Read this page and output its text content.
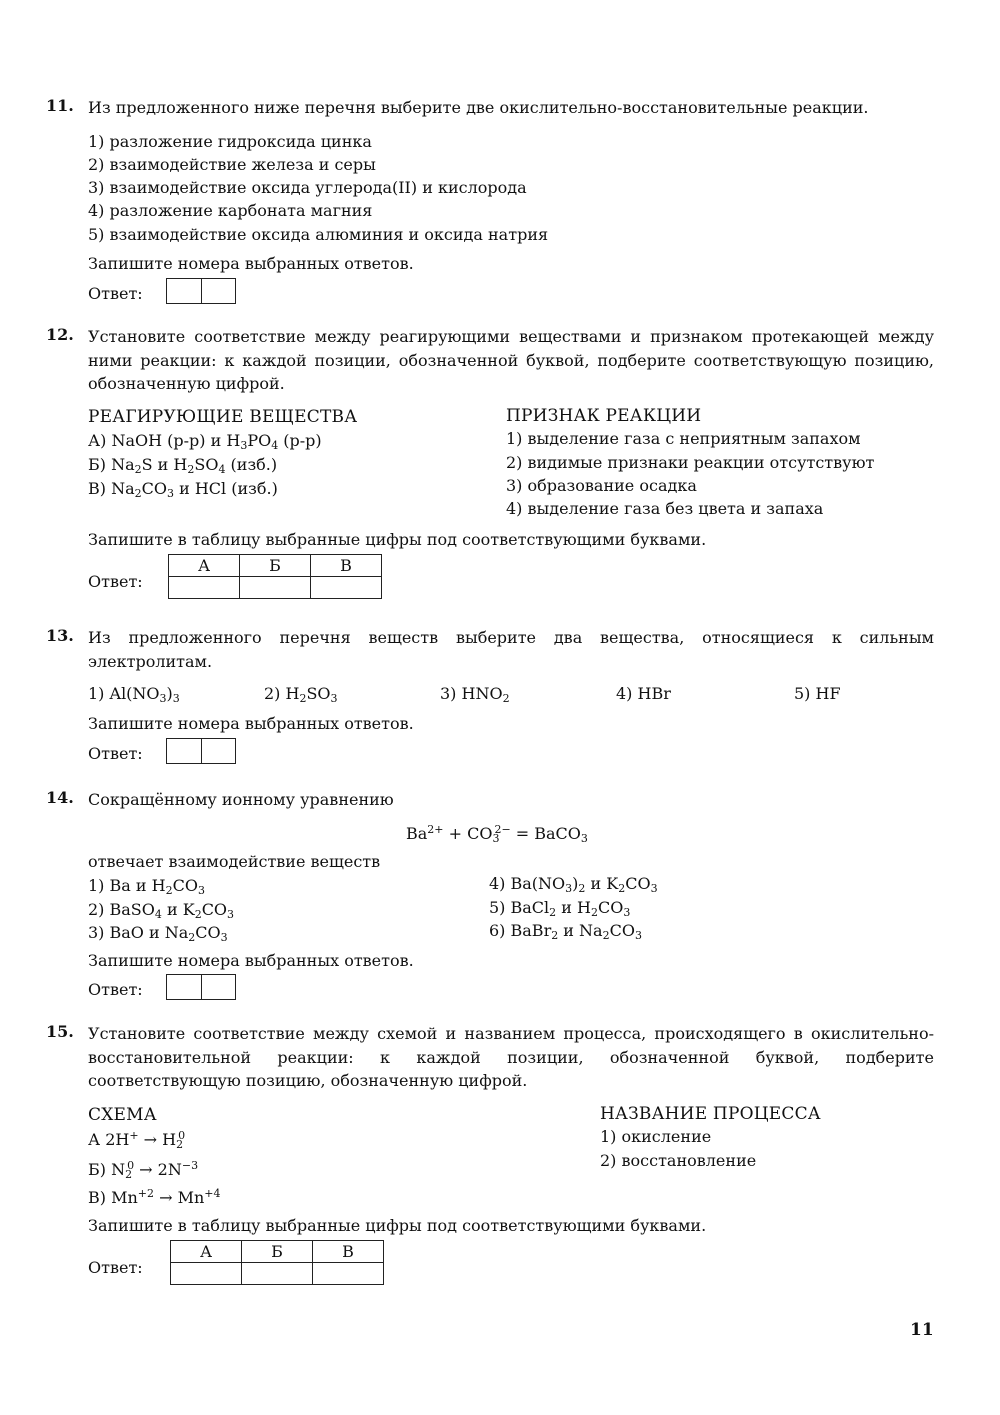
11. Из предложенного ниже перечня выберите две окислительно-восстановительные реакции.
1) разложение гидроксида цинка
2) взаимодействие железа и серы
3) взаимодействие оксида углерода(II) и кислорода
4) разложение карбоната магния
5) взаимодействие оксида алюминия и оксида натрия
Запишите номера выбранных ответов.
Ответ:
12. Установите соответствие между реагирующими веществами и признаком протекающей между ними реакции: к каждой позиции, обозначенной буквой, подберите соответствующую позицию, обозначенную цифрой.
РЕАГИРУЮЩИЕ ВЕЩЕСТВА
А) NaOH (р-р) и $H_3PO_4$ (р-р)
Б) $Na_2S$ и $H_2SO_4$ (изб.)
В) $Na_2CO_3$ и HCl (изб.)
ПРИЗНАК РЕАКЦИИ
1) выделение газа с неприятным запахом
2) видимые признаки реакции отсутствуют
3) образование осадка
4) выделение газа без цвета и запаха
Запишите в таблицу выбранные цифры под соответствующими буквами.
Ответ:
А	Б	В

13. Из предложенного перечня веществ выберите два вещества, относящиеся к сильным электролитам.
1) $Al(NO_3)_3$	2) $H_2SO_3$	3) $HNO_2$	4) HBr	5) HF
Запишите номера выбранных ответов.
Ответ:
14. Сокращённому ионному уравнению
$Ba^{2+} + CO_3^{2-}$ = BaCO$_3$
отвечает взаимодействие веществ
1) Ba и $H_2CO_3$
2) BaSO$_4$ и $K_2CO_3$
3) BaO и $Na_2CO_3$
4) $Ba(NO_3)_2$ и $K_2CO_3$
5) BaCl$_2$ и $H_2CO_3$
6) BaBr$_2$ и $Na_2CO_3$
Запишите номера выбранных ответов.
Ответ:
15. Установите соответствие между схемой и названием процесса, происходящего в окислительно-восстановительной реакции: к каждой позиции, обозначенной буквой, подберите соответствующую позицию, обозначенную цифрой.
СХЕМА
А $2H^+ \to H_2^0$
Б) $N_2^0 \to 2N^{-3}$
В) $Mn^{+2} \to Mn^{+4}$
НАЗВАНИЕ ПРОЦЕССА
1) окисление
2) восстановление
Запишите в таблицу выбранные цифры под соответствующими буквами.
Ответ:
А	Б	В

11
